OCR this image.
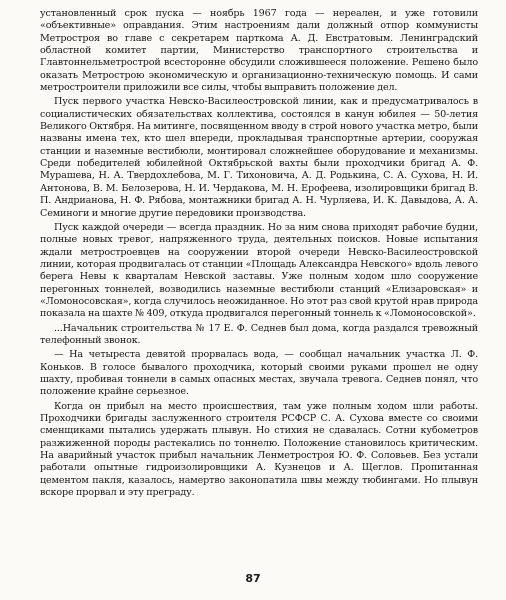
установленный срок пуска — ноябрь 1967 года — нереален, и уже готовили «объективные» оправдания. Этим настроениям дали должный отпор коммунисты Метростроя во главе с секретарем парткома А. Д. Евстратовым. Ленинградский областной комитет партии, Министерство транспортного строительства и Главтоннельметрострой всесторонне обсудили сложившееся положение. Решено было оказать Метрострою экономическую и организационно-техническую помощь. И сами метростроители приложили все силы, чтобы выправить положение дел.

Пуск первого участка Невско-Василеостровской линии, как и предусматривалось в социалистических обязательствах коллектива, состоялся в канун юбилея — 50-летия Великого Октября. На митинге, посвященном вводу в строй нового участка метро, были названы имена тех, кто шел впереди, прокладывая транспортные артерии, сооружая станции и наземные вестибюли, монтировал сложнейшее оборудование и механизмы. Среди победителей юбилейной Октябрьской вахты были проходчики бригад А. Ф. Мурашева, Н. А. Твердохлебова, М. Г. Тихоновича, А. Д. Родькина, С. А. Сухова, Н. И. Антонова, В. М. Белозерова, Н. И. Чердакова, М. Н. Ерофеева, изолировщики бригад В. П. Андрианова, Н. Ф. Рябова, монтажники бригад А. Н. Чурляева, И. К. Давыдова, А. А. Семиноги и многие другие передовики производства.

Пуск каждой очереди — всегда праздник. Но за ним снова приходят рабочие будни, полные новых тревог, напряженного труда, деятельных поисков. Новые испытания ждали метростроевцев на сооружении второй очереди Невско-Василеостровской линии, которая продвигалась от станции «Площадь Александра Невского» вдоль левого берега Невы к кварталам Невской заставы. Уже полным ходом шло сооружение перегонных тоннелей, возводились наземные вестибюли станций «Елизаровская» и «Ломоносовская», когда случилось неожиданное. Но этот раз свой крутой нрав природа показала на шахте № 409, откуда продвигался перегонный тоннель к «Ломоносовской».

...Начальник строительства № 17 Е. Ф. Седнев был дома, когда раздался тревожный телефонный звонок.

— На четыреста девятой прорвалась вода, — сообщал начальник участка Л. Ф. Коньков. В голосе бывалого проходчика, который своими руками прошел не одну шахту, пробивая тоннели в самых опасных местах, звучала тревога. Седнев понял, что положение крайне серьезное.

Когда он прибыл на место происшествия, там уже полным ходом шли работы. Проходчики бригады заслуженного строителя РСФСР С. А. Сухова вместе со своими сменщиками пытались удержать плывун. Но стихия не сдавалась. Сотни кубометров разжиженной породы растекались по тоннелю. Положение становилось критическим. На аварийный участок прибыл начальник Ленметростроя Ю. Ф. Соловьев. Без устали работали опытные гидроизолировщики А. Кузнецов и А. Щеглов. Пропитанная цементом пакля, казалось, намертво законопатила швы между тюбингами. Но плывун вскоре прорвал и эту преграду.

87
